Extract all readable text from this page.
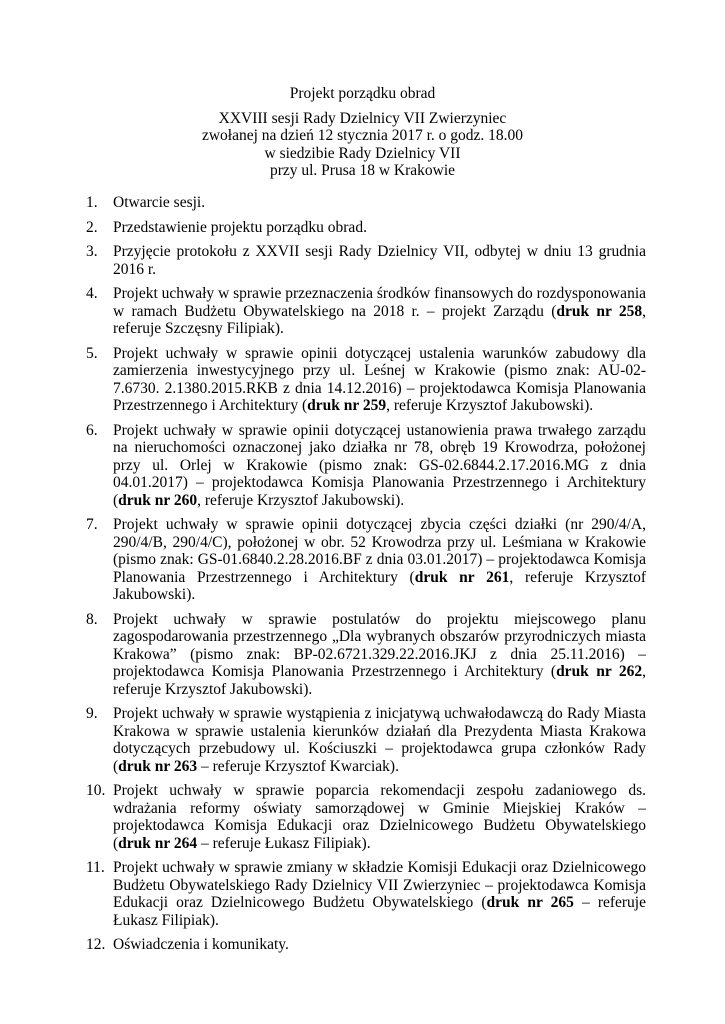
Projekt porządku obrad
XXVIII sesji Rady Dzielnicy VII Zwierzyniec
zwołanej na dzień 12 stycznia 2017 r. o godz. 18.00
w siedzibie Rady Dzielnicy VII
przy ul. Prusa 18 w Krakowie
1. Otwarcie sesji.
2. Przedstawienie projektu porządku obrad.
3. Przyjęcie protokołu z XXVII sesji Rady Dzielnicy VII, odbytej w dniu 13 grudnia 2016 r.
4. Projekt uchwały w sprawie przeznaczenia środków finansowych do rozdysponowania w ramach Budżetu Obywatelskiego na 2018 r. – projekt Zarządu (druk nr 258, referuje Szczęsny Filipiak).
5. Projekt uchwały w sprawie opinii dotyczącej ustalenia warunków zabudowy dla zamierzenia inwestycyjnego przy ul. Leśnej w Krakowie (pismo znak: AU-02-7.6730. 2.1380.2015.RKB z dnia 14.12.2016) – projektodawca Komisja Planowania Przestrzennego i Architektury (druk nr 259, referuje Krzysztof Jakubowski).
6. Projekt uchwały w sprawie opinii dotyczącej ustanowienia prawa trwałego zarządu na nieruchomości oznaczonej jako działka nr 78, obręb 19 Krowodrza, położonej przy ul. Orlej w Krakowie (pismo znak: GS-02.6844.2.17.2016.MG z dnia 04.01.2017) – projektodawca Komisja Planowania Przestrzennego i Architektury (druk nr 260, referuje Krzysztof Jakubowski).
7. Projekt uchwały w sprawie opinii dotyczącej zbycia części działki (nr 290/4/A, 290/4/B, 290/4/C), położonej w obr. 52 Krowodrza przy ul. Leśmiana w Krakowie (pismo znak: GS-01.6840.2.28.2016.BF z dnia 03.01.2017) – projektodawca Komisja Planowania Przestrzennego i Architektury (druk nr 261, referuje Krzysztof Jakubowski).
8. Projekt uchwały w sprawie postulatów do projektu miejscowego planu zagospodarowania przestrzennego „Dla wybranych obszarów przyrodniczych miasta Krakowa” (pismo znak: BP-02.6721.329.22.2016.JKJ z dnia 25.11.2016) – projektodawca Komisja Planowania Przestrzennego i Architektury (druk nr 262, referuje Krzysztof Jakubowski).
9. Projekt uchwały w sprawie wystąpienia z inicjatywą uchwałodawczą do Rady Miasta Krakowa w sprawie ustalenia kierunków działań dla Prezydenta Miasta Krakowa dotyczących przebudowy ul. Kościuszki – projektodawca grupa członków Rady (druk nr 263 – referuje Krzysztof Kwarciak).
10. Projekt uchwały w sprawie poparcia rekomendacji zespołu zadaniowego ds. wdrażania reformy oświaty samorządowej w Gminie Miejskiej Kraków – projektodawca Komisja Edukacji oraz Dzielnicowego Budżetu Obywatelskiego (druk nr 264 – referuje Łukasz Filipiak).
11. Projekt uchwały w sprawie zmiany w składzie Komisji Edukacji oraz Dzielnicowego Budżetu Obywatelskiego Rady Dzielnicy VII Zwierzyniec – projektodawca Komisja Edukacji oraz Dzielnicowego Budżetu Obywatelskiego (druk nr 265 – referuje Łukasz Filipiak).
12. Oświadczenia i komunikaty.
